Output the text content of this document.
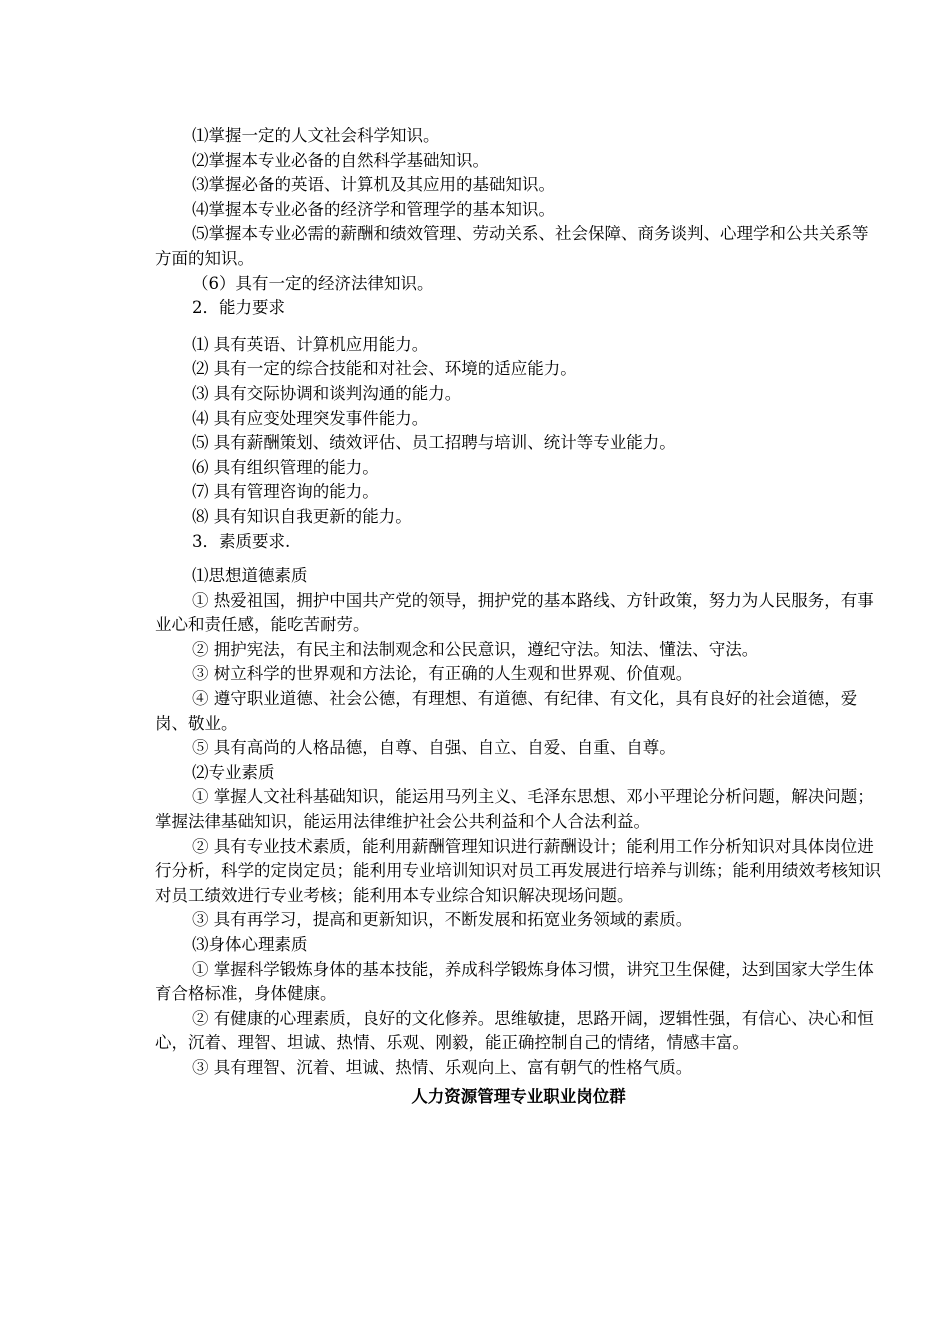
⑴掌握一定的人文社会科学知识。

⑵掌握本专业必备的自然科学基础知识。

⑶掌握必备的英语、计算机及其应用的基础知识。

⑷掌握本专业必备的经济学和管理学的基本知识。

⑸掌握本专业必需的薪酬和绩效管理、劳动关系、社会保障、商务谈判、心理学和公共关系等方面的知识。

（6）具有一定的经济法律知识。

2．能力要求

⑴ 具有英语、计算机应用能力。

⑵ 具有一定的综合技能和对社会、环境的适应能力。

⑶ 具有交际协调和谈判沟通的能力。

⑷ 具有应变处理突发事件能力。

⑸ 具有薪酬策划、绩效评估、员工招聘与培训、统计等专业能力。

⑹ 具有组织管理的能力。

⑺ 具有管理咨询的能力。

⑻ 具有知识自我更新的能力。

3．素质要求.

⑴思想道德素质

① 热爱祖国，拥护中国共产党的领导，拥护党的基本路线、方针政策，努力为人民服务，有事业心和责任感，能吃苦耐劳。

② 拥护宪法，有民主和法制观念和公民意识，遵纪守法。知法、懂法、守法。

③ 树立科学的世界观和方法论，有正确的人生观和世界观、价值观。

④ 遵守职业道德、社会公德，有理想、有道德、有纪律、有文化，具有良好的社会道德，爱岗、敬业。

⑤ 具有高尚的人格品德，自尊、自强、自立、自爱、自重、自尊。

⑵专业素质

① 掌握人文社科基础知识，能运用马列主义、毛泽东思想、邓小平理论分析问题，解决问题；掌握法律基础知识，能运用法律维护社会公共利益和个人合法利益。

② 具有专业技术素质，能利用薪酬管理知识进行薪酬设计；能利用工作分析知识对具体岗位进行分析，科学的定岗定员；能利用专业培训知识对员工再发展进行培养与训练；能利用绩效考核知识对员工绩效进行专业考核；能利用本专业综合知识解决现场问题。

③ 具有再学习，提高和更新知识，不断发展和拓宽业务领域的素质。

⑶身体心理素质

① 掌握科学锻炼身体的基本技能，养成科学锻炼身体习惯，讲究卫生保健，达到国家大学生体育合格标准，身体健康。

② 有健康的心理素质，良好的文化修养。思维敏捷，思路开阔，逻辑性强，有信心、决心和恒心，沉着、理智、坦诚、热情、乐观、刚毅，能正确控制自己的情绪，情感丰富。

③ 具有理智、沉着、坦诚、热情、乐观向上、富有朝气的性格气质。

人力资源管理专业职业岗位群
